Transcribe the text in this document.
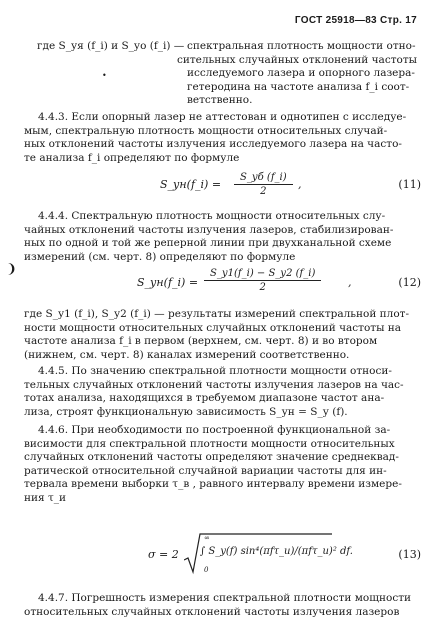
ГОСТ 25918—83 Стр. 17
где S_уя (f_i) и S_уо (f_i) — спектральная плотность мощности отно-
сительных случайных отклонений частоты
исследуемого лазера и опорного лазера-
гетеродина на частоте анализа f_i соот-
ветственно.
•
4.4.3. Если опорный лазер не аттестован и однотипен с исследуе-
мым, спектральную плотность мощности относительных случай-
ных отклонений частоты излучения исследуемого лазера на часто-
те анализа f_i определяют по формуле
S_ун(f_i) =
S_уб (f_i)
2
,	(11)
4.4.4. Спектральную плотность мощности относительных слу-
чайных отклонений частоты излучения лазеров, стабилизирован-
ных по одной и той же реперной линии при двухканальной схеме
измерений (см. черт. 8) определяют по формуле
❩
S_ун(f_i) =
S_у1(f_i) − S_у2 (f_i)
2	,	(12)
где S_у1 (f_i), S_у2 (f_i) — результаты измерений спектральной плот-
ности мощности относительных случайных отклонений частоты на
частоте анализа f_i в первом (верхнем, см. черт. 8) и во втором
(нижнем, см. черт. 8) каналах измерений соответственно.
4.4.5. По значению спектральной плотности мощности относи-
тельных случайных отклонений частоты излучения лазеров на час-
тотах анализа, находящихся в требуемом диапазоне частот ана-
лиза, строят функциональную зависимость S_ун = S_у (f).
4.4.6. При необходимости по построенной функциональной за-
висимости для спектральной плотности мощности относительных
случайных отклонений частоты определяют значение среднеквад-
ратической относительной случайной вариации частоты для ин-
тервала времени выборки τ_в , равного интервалу времени измере-
ния τ_и
σ = 2
∞
0
∫ S_y(f) sin⁴(πfτ_и)/(πfτ_и)² df.	(13)
4.4.7. Погрешность измерения спектральной плотности мощности
относительных случайных отклонений частоты излучения лазеров
